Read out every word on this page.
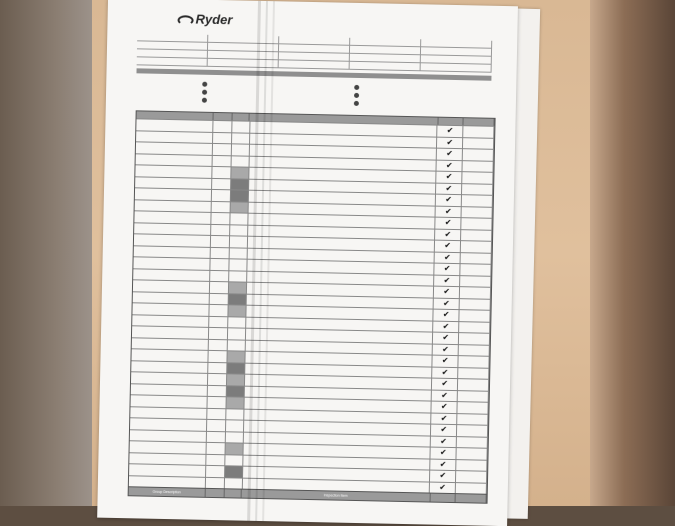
Ryder
✔
✔
✔
✔
✔
✔
✔
✔
✔
✔
✔
✔
✔
✔
✔
✔
✔
✔
✔
✔
✔
✔
✔
✔
✔
✔
✔
✔
✔
✔
✔
✔
Group Description
Inspection Item
